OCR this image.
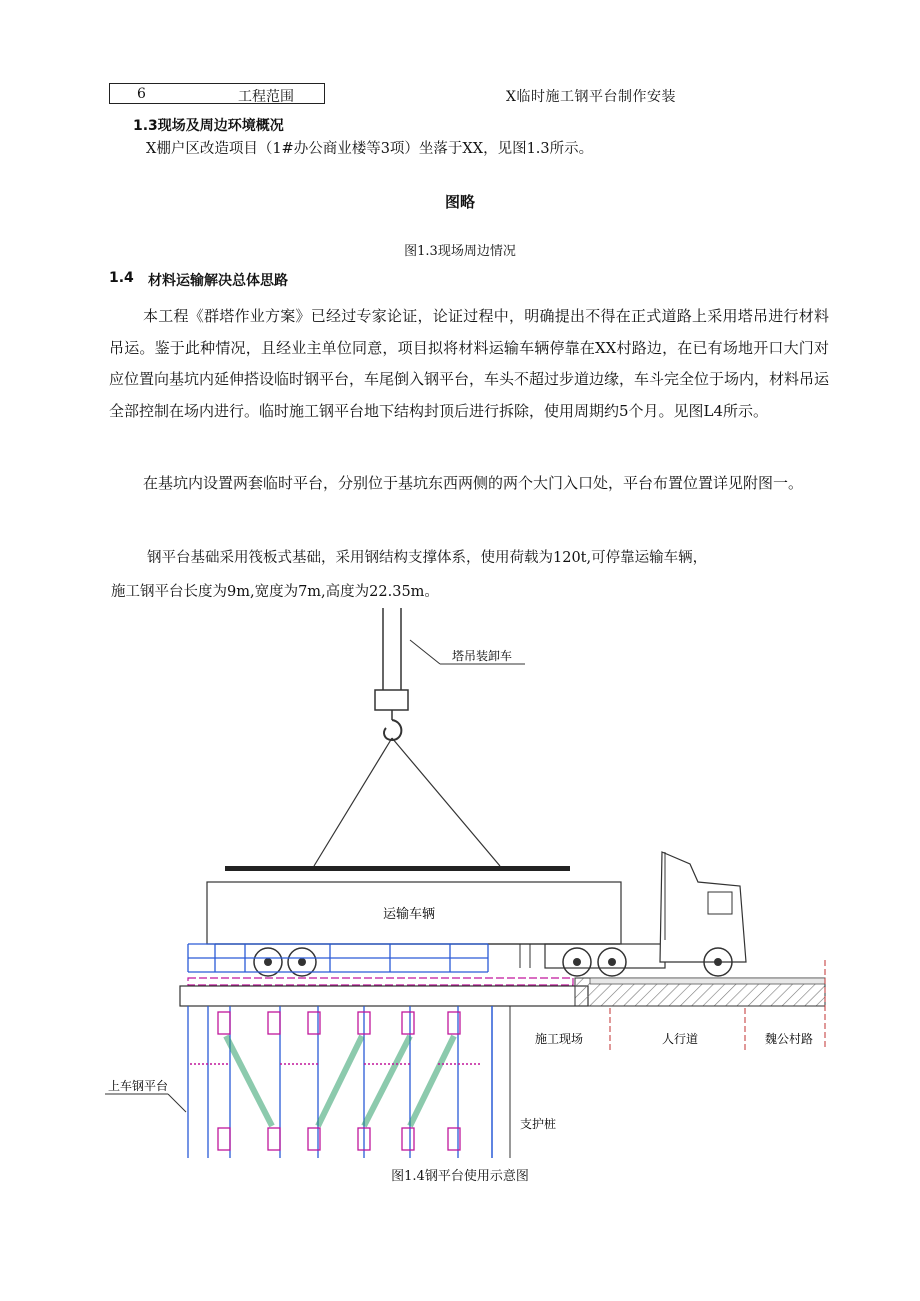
6	工程范围	X临时施工钢平台制作安装
1.3现场及周边环境概况
X棚户区改造项目（1#办公商业楼等3项）坐落于XX，见图1.3所示。
图略
图1.3现场周边情况
1.4 材料运输解决总体思路
本工程《群塔作业方案》已经过专家论证，论证过程中，明确提出不得在正式道路上采用塔吊进行材料吊运。鉴于此种情况，且经业主单位同意，项目拟将材料运输车辆停靠在XX村路边，在已有场地开口大门对应位置向基坑内延伸搭设临时钢平台，车尾倒入钢平台，车头不超过步道边缘，车斗完全位于场内，材料吊运全部控制在场内进行。临时施工钢平台地下结构封顶后进行拆除，使用周期约5个月。见图L4所示。
在基坑内设置两套临时平台，分别位于基坑东西两侧的两个大门入口处，平台布置位置详见附图一。
钢平台基础采用筏板式基础，采用钢结构支撑体系，使用荷载为120t,可停靠运输车辆，
施工钢平台长度为9m,宽度为7m,高度为22.35m。
塔吊装卸车
运输车辆
施工现场	人行道	魏公村路
支护桩
上车钢平台
图1.4钢平台使用示意图
